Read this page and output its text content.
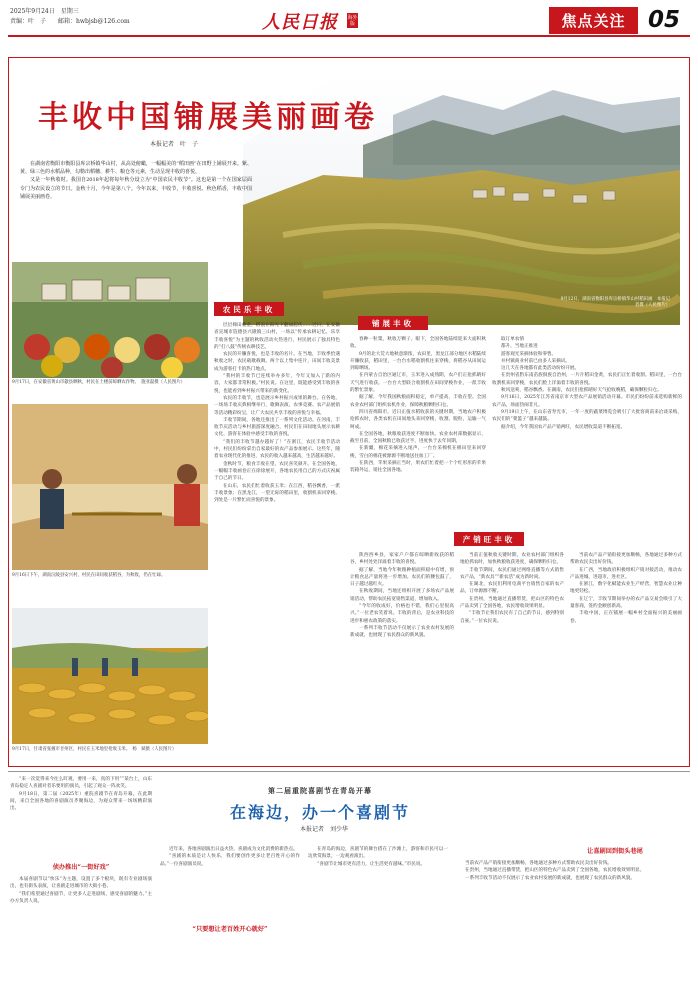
2025年9月24日　星期三
责编：叶　子　　邮箱：hwbjsb@126.com	人民日报 海外版	焦点关注 05
9月12日，湖南省衡阳县库宗桥镇华山村稻田画　本报记者摄（人民图片）
丰收中国铺展美丽画卷
本报记者　叶　子

在湖南省衡阳市衡阳县库宗桥镇华山村，从高处俯瞰，一幅幅美的“稻田画”在田野上铺展开来。紫、黄、绿三色的水稻品种，勾勒出稻穗、耕牛、粮仓等元素，生动呈现丰收的喜悦。

又是一年秋收时。我国自2018年起将每年秋分设立为“中国农民丰收节”。这也是第一个在国家层面专门为农民设立的节日。金秋十月，今年是第八个。今年以来，丰收节，丰收喜悦、秋色稻香，丰收中国铺展美丽画卷。

9月17日，在安徽省黄山市歙县晒秋，村民在土楼前晾晒农作物。　施亚磊摄（人民图片）
9月16日下午，湖南沅陵县安兴村，村民在田间收获稻谷，为秋收，仍在忙碌。
9月17日，甘肃省张掖市甘州区，村民在玉米地里抢收玉米。　杨　斌摄（人民图片）
农民乐丰收

层层梯田叠金，稻浪在阳光下翻涌起伏……近日，在安徽省宣城市旌德县兴隆镇三山村，一场以“传承农耕记忆，乐享丰收喜悦”为主题的秋收活动火热进行，村民展示了独具特色的“打八鼓”传统农耕技艺。

农民的开镰喜悦，也是丰收的名片。在当地，丰收季恰遇秋收之时，农民载歌载舞。两个以上集中连片，田间丰收美景成为游客打卡的热门地点。

“我村的丰收节已连续举办多年，今年又加入了新的内容，大家都非常积极。”村民说。在这里，既能感受到丰收的喜悦，也能看到乡村振兴带来的新变化。

农民的丰收节，也是展示乡村振兴成果的舞台。在各地，一场场丰收庆典相继举行，歌舞表演、农事竞赛、农产品展销等活动精彩纷呈，让广大农民共享丰收的喜悦与幸福。

丰收节期间，各地还推出了一系列文化活动。在河南，丰收节庆活动与乡村旅游深度融合，村民们在田间地头展示农耕文化，游客在体验中感受丰收的喜悦。

“我们的丰收节越办越好了！”在浙江，农民丰收节活动中，村民们纷纷拿出自家最好的农产品参加展示。这些年，随着农业现代化的推进，农民的收入越来越高，生活越来越好。

金秋时节，粮食丰收在望，农民喜笑颜开。在全国各地，一幅幅丰收画卷正在徐徐展开，各地农民用自己的方式庆祝属于自己的节日。

在山东，农民们忙着收获玉米；在江西，稻谷飘香，一派丰收景象；在黑龙江，一望无际的稻田里，收割机来回穿梭。到处是一片繁忙而喜悦的景象。

铺展丰收

春种一粒粟，秋收万颗子。眼下，全国各地陆续迎来大面积秋收。

9月的北大荒大地秋意渐浓，农田里，黑龙江部分地区水稻陆续开镰收获，稻田里，一台台水稻收割机往来穿梭，将稻谷从田间运到晾晒场。

在内蒙古自治区通辽市，玉米进入成熟期，农户们正抢抓晴好天气进行收获。一台台大型联合收割机在田间穿梭作业，一派丰收的繁忙景象。

据了解，今年我国秋粮面积稳定，单产提高，丰收在望。全国农业农村部门组织农机作业，保障秋粮颗粒归仓。

四川省绵阳市，近日正值水稻收获的关键时期，当地农户积极抢抓农时，各类农机在田间地头来回穿梭，收割、脱粒、运输一气呵成。

在全国各地，秋粮收获进度不断加快。农业农村部数据显示，截至目前，全国秋粮已收获过半，进度快于去年同期。

在新疆，棉花采摘进入尾声，一台台采棉机在棉田里来回穿梭，雪白的棉花被源源不断地送往加工厂。

在陕西，苹果采摘正当时，果农们忙着把一个个红彤彤的苹果装箱外运，销往全国各地。

取订单农情

都升，当地正推进

游客观光采摘体验和零售。

并村镇商业村前已由多人采摘试。

这几天在各地都有此类活动纷纷开展。

在贵州省黔东南苗族侗族自治州，一片片稻田金黄，农民们正忙着收割。稻田里，一台台收割机来回穿梭，农民们脸上洋溢着丰收的喜悦。

秋风送爽，稻谷飘香。在湖南，农民们抢抓晴好天气抢收晚稻，确保颗粒归仓。

9月16日，2025年江苏省南京市大型农产品展销活动开幕。市民们纷纷前来选购新鲜的农产品，场面热闹非凡。

9月19日上午，在山东省寿光市，一年一度的蔬菜博览会吸引了大批客商前来洽谈采购，农民们的“菜篮子”越来越鼓。

据介绍，今年我国农产品产销两旺，农民增收渠道不断拓宽。

产销旺丰收

陕西西乡县，家家户户都在晾晒新收获的稻谷，乡村处处洋溢着丰收的喜悦。

据了解，当地今年秋粮种植面积稳中有增，预计粮食总产量将进一步增加。农民们的腰包鼓了，日子越过越红火。

在秋收期间，当地还组织开展了多场农产品展销活动，帮助农民拓宽销售渠道，增加收入。

“今年的收成好，价格也不错，我们心里很高兴。”一位老农笑着说。丰收的背后，是农业科技的进步和惠农政策的落实。

一系列丰收节活动不仅展示了农业农村发展的新成就，也展现了农民群众的新风貌。

当前正值秋收关键时期，农业农村部门组织各地抢抓农时，加快秋粮收获进度，确保颗粒归仓。

丰收节期间，农民们通过网络直播等方式销售农产品，“新农具”“新农活”成为新时尚。

在湖北，农民们利用电商平台销售自家的农产品，订单源源不断。

在贵州，当地通过直播带货，把山区的特色农产品卖到了全国各地，农民增收效果明显。

“丰收节让我们农民有了自己的节日，感到特别自豪。”一位农民说。

当前农产品产销衔接更加顺畅，各地通过多种方式帮助农民卖出好价钱。

在广西，当地政府积极组织产销对接活动，推动农产品进城、进超市、进社区。

在浙江，数字化赋能农业生产经营，智慧农业让种地更轻松。

在辽宁，丰收节期间举办的农产品交易会吸引了大量客商，签约金额创新高。

丰收中国，正在铺展一幅乡村全面振兴的美丽画卷。

“来一次觉得来今往么盯观，要用一来，真的下用””某台上，山东青岛稳定人喜剧对者乐要用的演员，引起了观众一阵欢笑。

9月18日，第二届（2025年）重院喜剧节在青岛开幕。在此期间，来自全国各地的喜剧演员齐聚海边，为观众带来一场场精彩演出。

第二届重院喜剧节在青岛开幕
在海边，办一个喜剧节
本报记者　刘少华
侦办推出“一街好戏”

本届喜剧节以“快乐”为主题，设置了多个板块，既有专业剧场演出，也有街头表演，让喜剧走进城市的大街小巷。

“我们希望通过喜剧节，让更多人走进剧场，感受喜剧的魅力。”主办方负责人说。

近年来，各地喜剧演出日益火热，喜剧成为文化消费的新热点。

“喜剧的本质是让人快乐，我们要创作更多让老百姓开心的作品。”一位喜剧演员说。

“只要想让老百姓开心就好”

在青岛的海边，喜剧节的舞台搭在了沙滩上，游客和市民可以一边欣赏海景，一边观看演出。

“喜剧节让城市更有活力，让生活更有滋味。”市民说。

让喜剧回到街头巷尾

当前农产品产销衔接更加顺畅，各地通过多种方式帮助农民卖出好价钱。

在贵州，当地通过直播带货，把山区的特色农产品卖到了全国各地，农民增收效果明显。

一系列丰收节活动不仅展示了农业农村发展的新成就，也展现了农民群众的新风貌。
